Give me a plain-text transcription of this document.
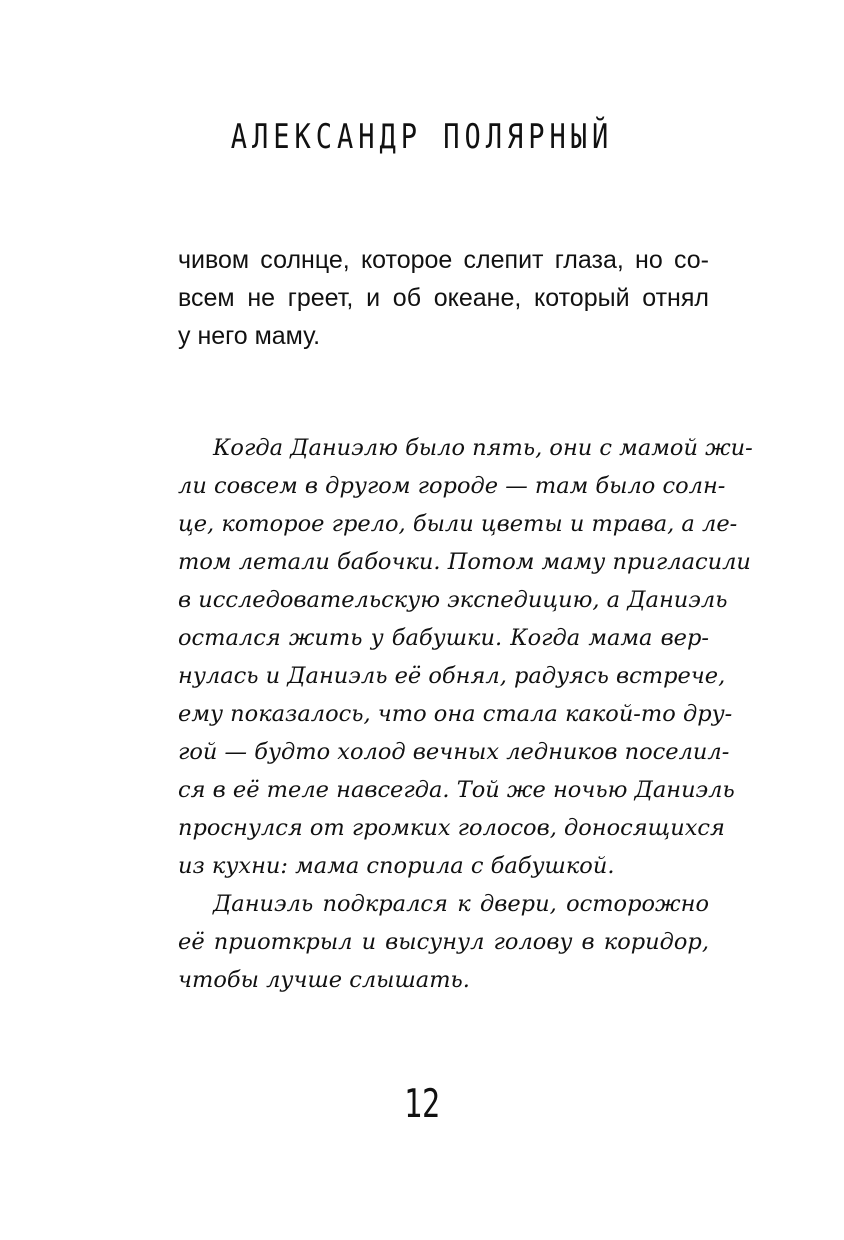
АЛЕКСАНДР ПОЛЯРНЫЙ
чивом солнце, которое слепит глаза, но со-
всем не греет, и об океане, который отнял
у него маму.
Когда Даниэлю было пять, они с мамой жи-
ли совсем в другом городе — там было солн-
це, которое грело, были цветы и трава, а ле-
том летали бабочки. Потом маму пригласили
в исследовательскую экспедицию, а Даниэль
остался жить у бабушки. Когда мама вер-
нулась и Даниэль её обнял, радуясь встрече,
ему показалось, что она стала какой-то дру-
гой — будто холод вечных ледников поселил-
ся в её теле навсегда. Той же ночью Даниэль
проснулся от громких голосов, доносящихся
из кухни: мама спорила с бабушкой.
Даниэль подкрался к двери, осторожно
её приоткрыл и высунул голову в коридор,
чтобы лучше слышать.
12
